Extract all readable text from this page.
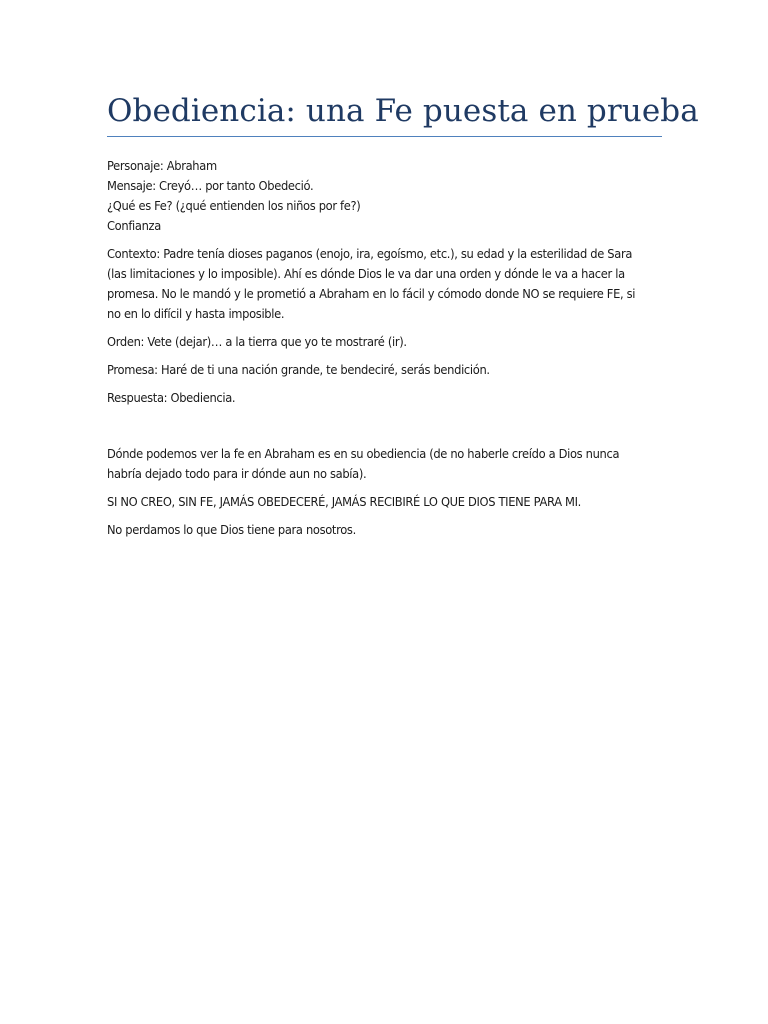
Obediencia: una Fe puesta en prueba
Personaje: Abraham
Mensaje: Creyó… por tanto Obedeció.
¿Qué es Fe? (¿qué entienden los niños por fe?)
Confianza
Contexto: Padre tenía dioses paganos (enojo, ira, egoísmo, etc.), su edad y la esterilidad de Sara
(las limitaciones y lo imposible). Ahí es dónde Dios le va dar una orden y dónde le va a hacer la
promesa. No le mandó y le prometió a Abraham en lo fácil y cómodo donde NO se requiere FE, si
no en lo difícil y hasta imposible.
Orden: Vete (dejar)… a la tierra que yo te mostraré (ir).
Promesa: Haré de ti una nación grande, te bendeciré, serás bendición.
Respuesta: Obediencia.
Dónde podemos ver la fe en Abraham es en su obediencia (de no haberle creído a Dios nunca
habría dejado todo para ir dónde aun no sabía).
SI NO CREO, SIN FE, JAMÁS OBEDECERÉ, JAMÁS RECIBIRÉ LO QUE DIOS TIENE PARA MI.
No perdamos lo que Dios tiene para nosotros.
